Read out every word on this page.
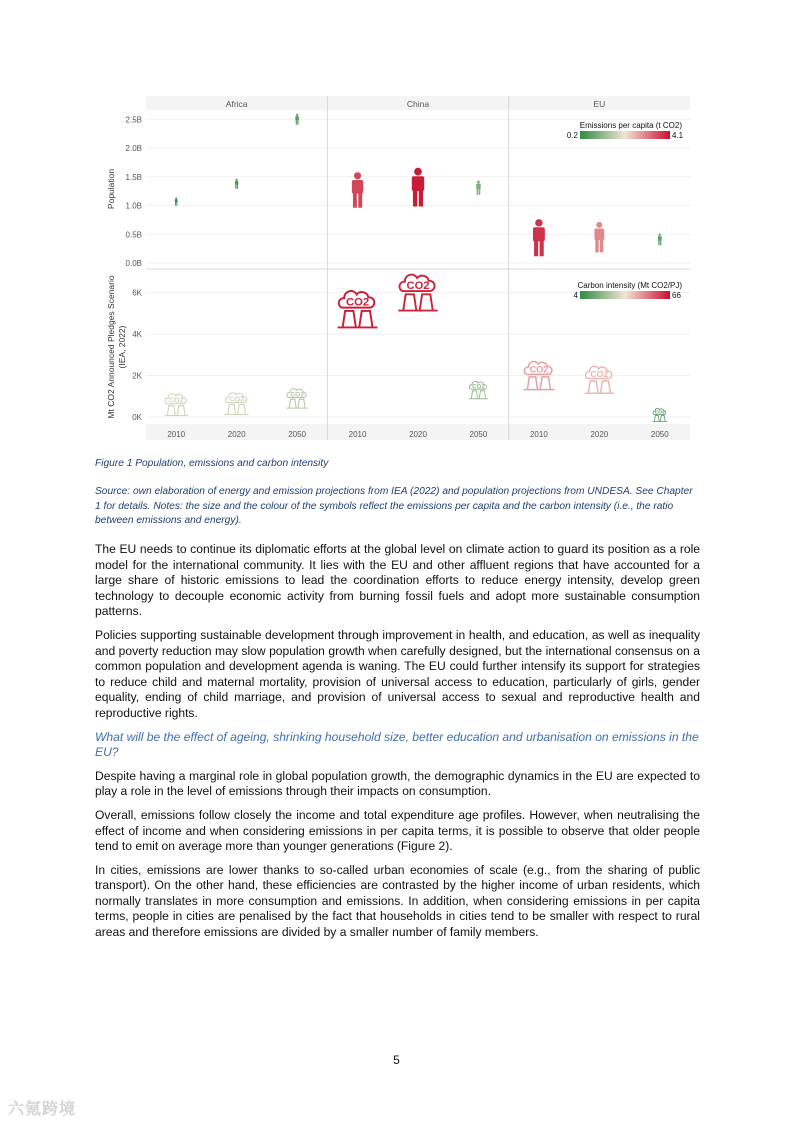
Africa	China	EU
0.0B
0.5B
1.0B
1.5B
2.0B
2.5B
0K
2K
4K
6K
2010	2020	2050	2010	2020	2050	2010	2020	2050
Population
Mt CO2 Announced Pledges Scenario (IEA, 2022)
CO2	CO2	CO2
CO2
CO2
CO2
CO2	CO2
CO2
Emissions per capita (t CO2)
0.2	4.1
Carbon intensity (Mt CO2/PJ)
4	66
Figure 1 Population, emissions and carbon intensity
Source: own elaboration of energy and emission projections from IEA (2022) and population projections from UNDESA. See Chapter 1 for details. Notes: the size and the colour of the symbols reflect the emissions per capita and the carbon intensity (i.e., the ratio between emissions and energy).

The EU needs to continue its diplomatic efforts at the global level on climate action to guard its position as a role model for the international community. It lies with the EU and other affluent regions that have accounted for a large share of historic emissions to lead the coordination efforts to reduce energy intensity, develop green technology to decouple economic activity from burning fossil fuels and adopt more sustainable consumption patterns.

Policies supporting sustainable development through improvement in health, and education, as well as inequality and poverty reduction may slow population growth when carefully designed, but the international consensus on a common population and development agenda is waning. The EU could further intensify its support for strategies to reduce child and maternal mortality, provision of universal access to education, particularly of girls, gender equality, ending of child marriage, and provision of universal access to sexual and reproductive health and reproductive rights.

What will be the effect of ageing, shrinking household size, better education and urbanisation on emissions in the EU?

Despite having a marginal role in global population growth, the demographic dynamics in the EU are expected to play a role in the level of emissions through their impacts on consumption.

Overall, emissions follow closely the income and total expenditure age profiles. However, when neutralising the effect of income and when considering emissions in per capita terms, it is possible to observe that older people tend to emit on average more than younger generations (Figure 2).

In cities, emissions are lower thanks to so-called urban economies of scale (e.g., from the sharing of public transport). On the other hand, these efficiencies are contrasted by the higher income of urban residents, which normally translates in more consumption and emissions. In addition, when considering emissions in per capita terms, people in cities are penalised by the fact that households in cities tend to be smaller with respect to rural areas and therefore emissions are divided by a smaller number of family members.

5
六氪跨境
